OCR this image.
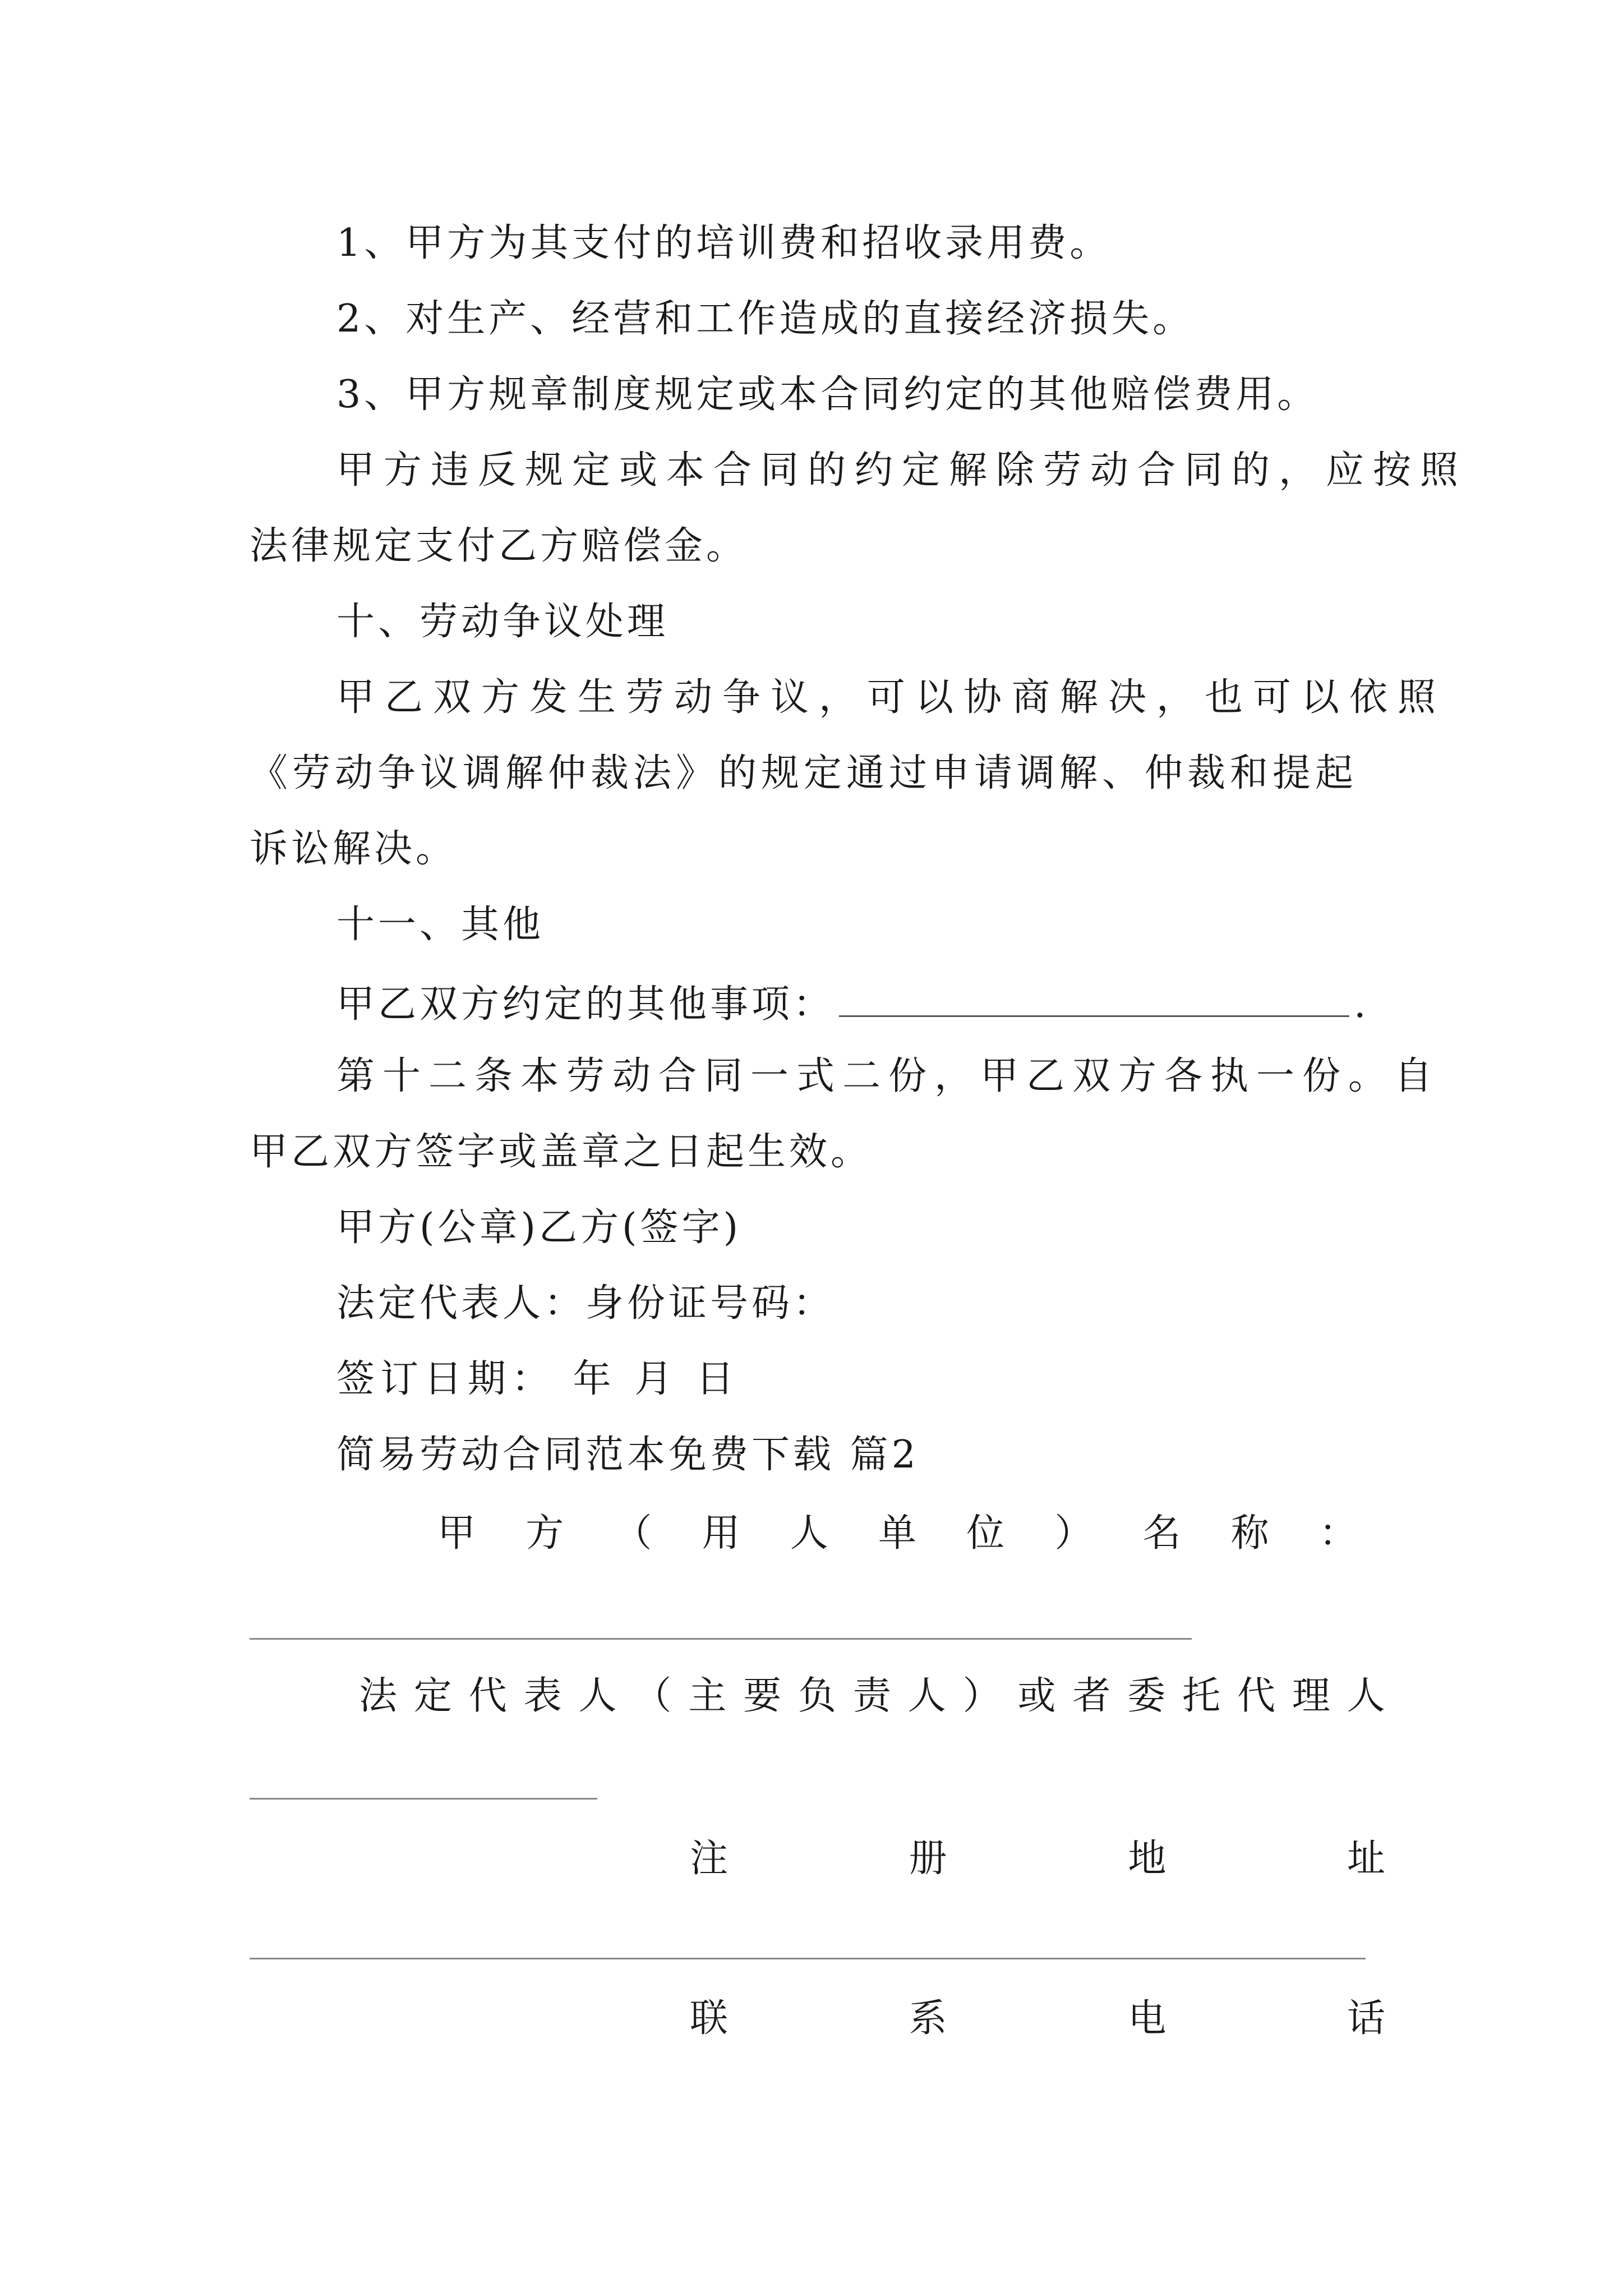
1、甲方为其支付的培训费和招收录用费。
2、对生产、经营和工作造成的直接经济损失。
3、甲方规章制度规定或本合同约定的其他赔偿费用。
甲方违反规定或本合同的约定解除劳动合同的，应按照
法律规定支付乙方赔偿金。
十、劳动争议处理
甲乙双方发生劳动争议，可以协商解决，也可以依照
《劳动争议调解仲裁法》的规定通过申请调解、仲裁和提起
诉讼解决。
十一、其他
甲乙双方约定的其他事项：	.
第十二条本劳动合同一式二份，甲乙双方各执一份。自
甲乙双方签字或盖章之日起生效。
甲方(公章)乙方(签字)
法定代表人：身份证号码：
签订日期： 年 月 日
简易劳动合同范本免费下载 篇2
甲 方 （ 用 人 单 位 ） 名 称 ：
法 定 代 表 人 （ 主 要 负 责 人 ） 或 者 委 托 代 理 人
注	册	地	址
联	系	电	话
